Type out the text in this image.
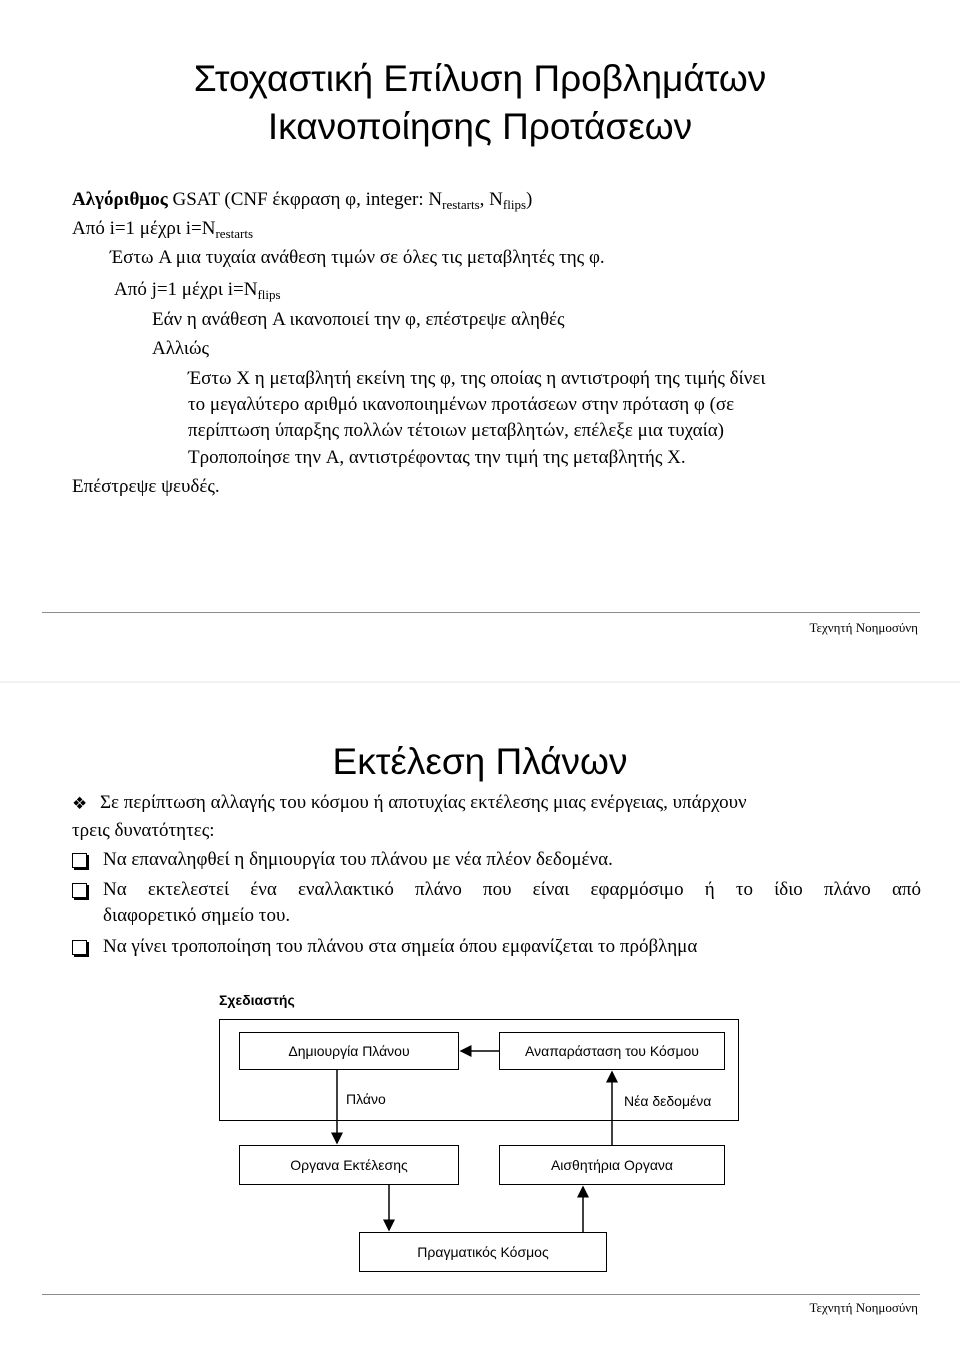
Στοχαστική Επίλυση Προβλημάτων
Ικανοποίησης Προτάσεων
Αλγόριθμος GSAT (CNF έκφραση φ, integer: $N_{restarts}$, $N_{flips}$)
Από i=1 μέχρι $i=N_{restarts}$
Έστω A μια τυχαία ανάθεση τιμών σε όλες τις μεταβλητές της φ.
Από j=1 μέχρι $i=N_{flips}$
Εάν η ανάθεση A ικανοποιεί την φ, επέστρεψε αληθές
Αλλιώς
Έστω X η μεταβλητή εκείνη της φ, της οποίας η αντιστροφή της τιμής δίνει
το μεγαλύτερο αριθμό ικανοποιημένων προτάσεων στην πρόταση φ (σε
περίπτωση ύπαρξης πολλών τέτοιων μεταβλητών, επέλεξε μια τυχαία)
Τροποποίησε την A, αντιστρέφοντας την τιμή της μεταβλητής X.
Επέστρεψε ψευδές.
Τεχνητή Νοημοσύνη
Εκτέλεση Πλάνων
❖ Σε περίπτωση αλλαγής του κόσμου ή αποτυχίας εκτέλεσης μιας ενέργειας, υπάρχουν
τρεις δυνατότητες:
Να επαναληφθεί η δημιουργία του πλάνου με νέα πλέον δεδομένα.
Να εκτελεστεί ένα εναλλακτικό πλάνο που είναι εφαρμόσιμο ή το ίδιο πλάνο από
διαφορετικό σημείο του.
Να γίνει τροποποίηση του πλάνου στα σημεία όπου εμφανίζεται το πρόβλημα
Σχεδιαστής
Δημιουργία Πλάνου	Αναπαράσταση του Κόσμου
Πλάνο	Νέα δεδομένα
Οργανα Εκτέλεσης	Αισθητήρια Οργανα
Πραγματικός Κόσμος
Τεχνητή Νοημοσύνη
